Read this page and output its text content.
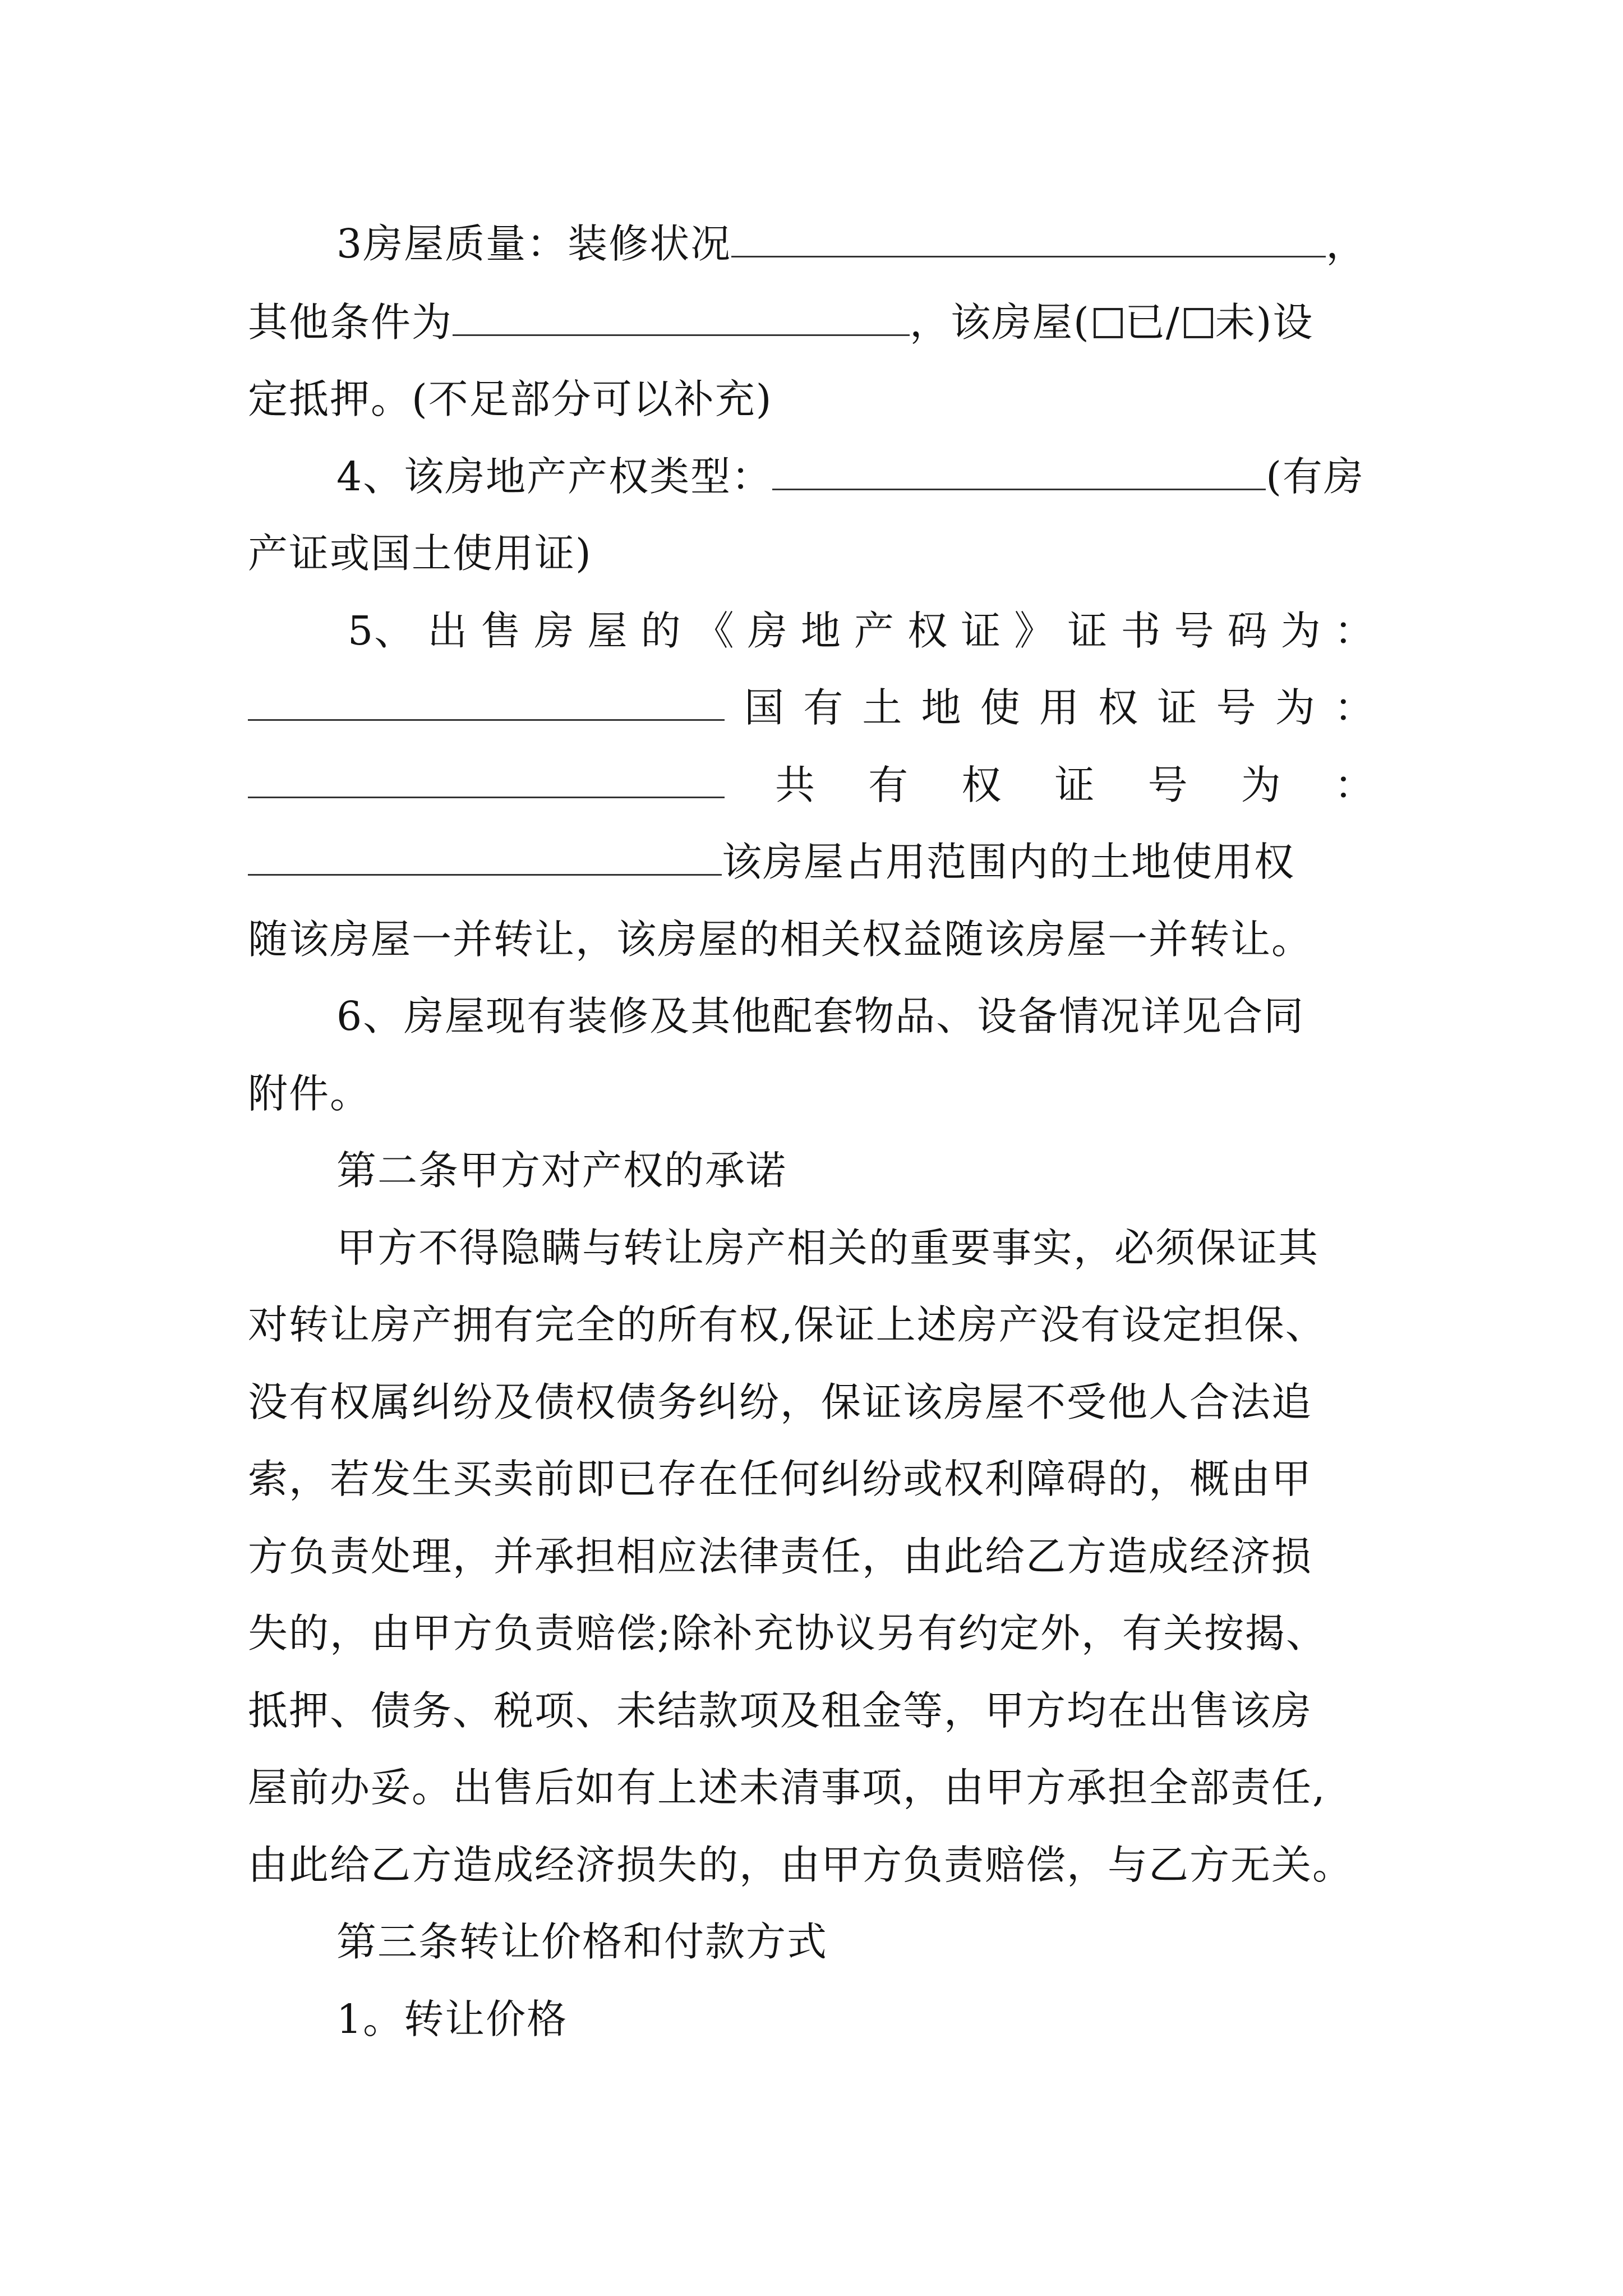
3房屋质量：装修状况	，
其他条件为	，该房屋( 已/ 未)设
定抵押。(不足部分可以补充)
4、该房地产产权类型：	(有房
产证或国土使用证)
5、 出 售 房 屋 的 《 房 地 产 权 证 》 证 书 号 码 为 ：
国 有 土 地 使 用 权 证 号 为 ：
共 有 权 证 号 为 ：
该房屋占用范围内的土地使用权
随该房屋一并转让，该房屋的相关权益随该房屋一并转让。
6、房屋现有装修及其他配套物品、设备情况详见合同
附件。
第二条甲方对产权的承诺
甲方不得隐瞒与转让房产相关的重要事实，必须保证其
对转让房产拥有完全的所有权,保证上述房产没有设定担保、
没有权属纠纷及债权债务纠纷，保证该房屋不受他人合法追
索，若发生买卖前即已存在任何纠纷或权利障碍的，概由甲
方负责处理，并承担相应法律责任，由此给乙方造成经济损
失的，由甲方负责赔偿;除补充协议另有约定外，有关按揭、
抵押、债务、税项、未结款项及租金等，甲方均在出售该房
屋前办妥。出售后如有上述未清事项，由甲方承担全部责任,
由此给乙方造成经济损失的，由甲方负责赔偿，与乙方无关。
第三条转让价格和付款方式
1。转让价格
